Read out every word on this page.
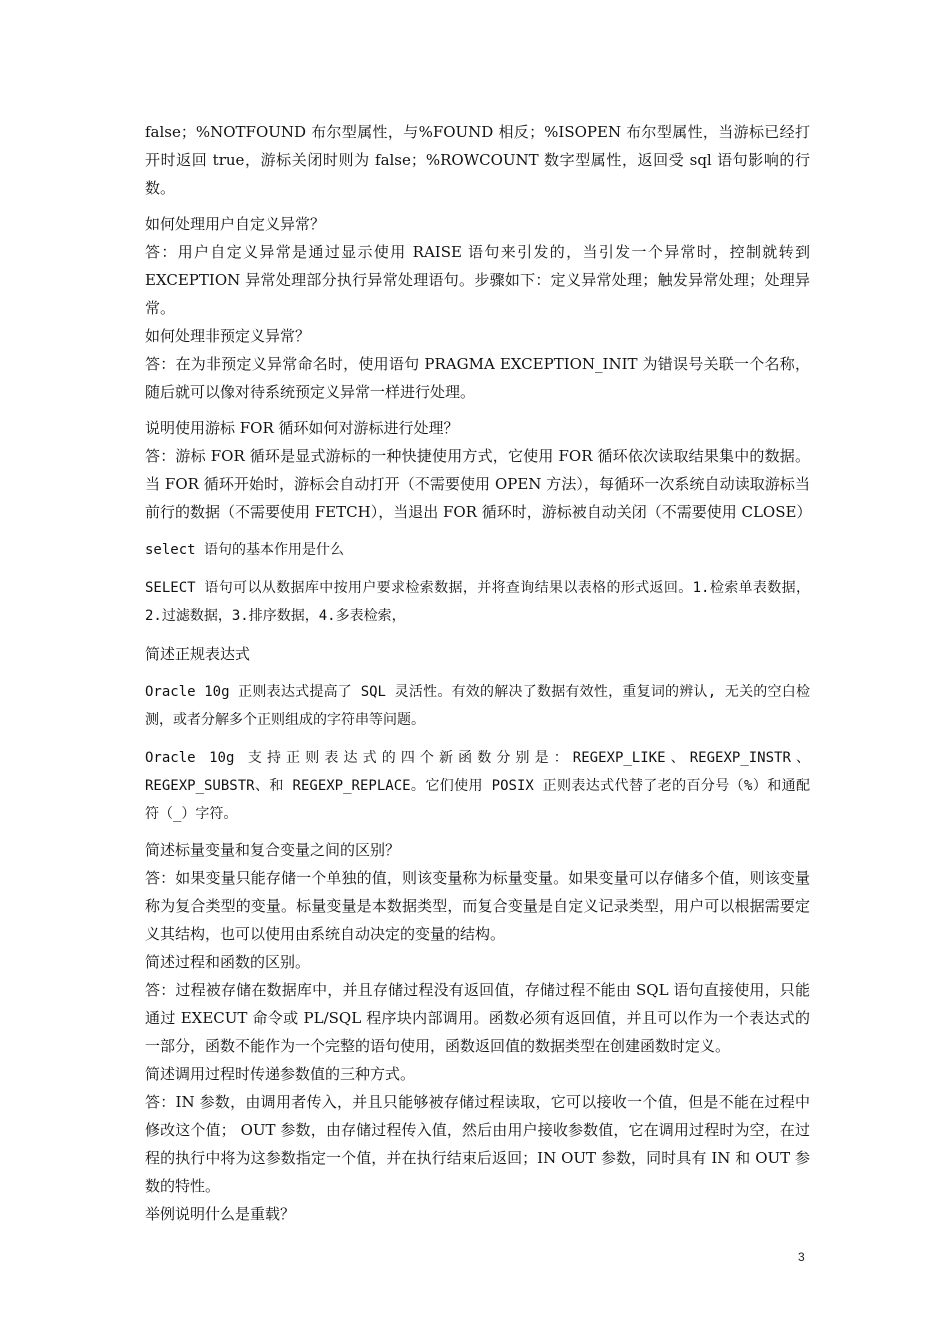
false；%NOTFOUND 布尔型属性，与%FOUND 相反；%ISOPEN 布尔型属性，当游标已经打开时返回 true，游标关闭时则为 false；%ROWCOUNT 数字型属性，返回受 sql 语句影响的行数。

如何处理用户自定义异常？

答：用户自定义异常是通过显示使用 RAISE 语句来引发的，当引发一个异常时，控制就转到 EXCEPTION 异常处理部分执行异常处理语句。步骤如下：定义异常处理；触发异常处理；处理异常。

如何处理非预定义异常？

答：在为非预定义异常命名时，使用语句 PRAGMA EXCEPTION_INIT 为错误号关联一个名称，随后就可以像对待系统预定义异常一样进行处理。

说明使用游标 FOR 循环如何对游标进行处理？

答：游标 FOR 循环是显式游标的一种快捷使用方式，它使用 FOR 循环依次读取结果集中的数据。当 FOR 循环开始时，游标会自动打开（不需要使用 OPEN 方法），每循环一次系统自动读取游标当前行的数据（不需要使用 FETCH），当退出 FOR 循环时，游标被自动关闭（不需要使用 CLOSE）

select 语句的基本作用是什么

SELECT 语句可以从数据库中按用户要求检索数据，并将查询结果以表格的形式返回。1.检索单表数据，2.过滤数据，3.排序数据，4.多表检索，

简述正规表达式

Oracle 10g 正则表达式提高了 SQL 灵活性。有效的解决了数据有效性，重复词的辨认, 无关的空白检测，或者分解多个正则组成的字符串等问题。

Oracle 10g 支持正则表达式的四个新函数分别是：REGEXP_LIKE、REGEXP_INSTR、REGEXP_SUBSTR、和 REGEXP_REPLACE。它们使用 POSIX 正则表达式代替了老的百分号（%）和通配符（_）字符。

简述标量变量和复合变量之间的区别？

答：如果变量只能存储一个单独的值，则该变量称为标量变量。如果变量可以存储多个值，则该变量称为复合类型的变量。标量变量是本数据类型，而复合变量是自定义记录类型，用户可以根据需要定义其结构，也可以使用由系统自动决定的变量的结构。

简述过程和函数的区别。

答：过程被存储在数据库中，并且存储过程没有返回值，存储过程不能由 SQL 语句直接使用，只能通过 EXECUT 命令或 PL/SQL 程序块内部调用。函数必须有返回值，并且可以作为一个表达式的一部分，函数不能作为一个完整的语句使用，函数返回值的数据类型在创建函数时定义。

简述调用过程时传递参数值的三种方式。

答：IN 参数，由调用者传入，并且只能够被存储过程读取，它可以接收一个值，但是不能在过程中修改这个值； OUT 参数，由存储过程传入值，然后由用户接收参数值，它在调用过程时为空，在过程的执行中将为这参数指定一个值，并在执行结束后返回；IN OUT 参数，同时具有 IN 和 OUT 参数的特性。

举例说明什么是重载？

3
